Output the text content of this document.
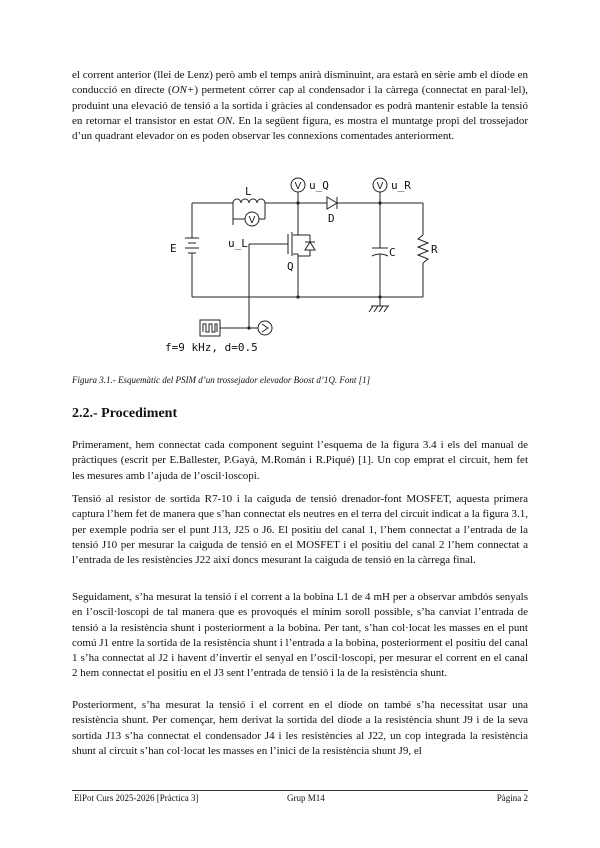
el corrent anterior (llei de Lenz) però amb el temps anirà disminuint, ara estarà en sèrie amb el díode en conducció en directe (ON+) permetent córrer cap al condensador i la càrrega (connectat en paral·lel), produint una elevació de tensió a la sortida i gràcies al condensador es podrà mantenir estable la tensió en retornar el transistor en estat ON. En la següent figura, es mostra el muntatge propi del trossejador d’un quadrant elevador on es poden observar les connexions comentades anteriorment.

V
V	V
L
u_L
u_Q	u_R
D
E
Q
C	R
f=9 kHz, d=0.5

Figura 3.1.- Esquemàtic del PSIM d’un trossejador elevador Boost d’1Q. Font [1]

2.2.- Procediment

Primerament, hem connectat cada component seguint l’esquema de la figura 3.4 i els del manual de pràctiques (escrit per E.Ballester, P.Gayà, M.Román i R.Piqué) [1]. Un cop emprat el circuit, hem fet les mesures amb l’ajuda de l’oscil·loscopi.

Tensió al resistor de sortida R7-10 i la caiguda de tensió drenador-font MOSFET, aquesta primera captura l’hem fet de manera que s’han connectat els neutres en el terra del circuit indicat a la figura 3.1, per exemple podria ser el punt J13, J25 o J6. El positiu del canal 1, l’hem connectat a l’entrada de la tensió J10 per mesurar la caiguda de tensió en el MOSFET i el positiu del canal 2 l’hem connectat a l’entrada de les resistències J22 així doncs mesurant la caiguda de tensió en la càrrega final.

Seguidament, s’ha mesurat la tensió i el corrent a la bobina L1 de 4 mH per a observar ambdós senyals en l’oscil·loscopi de tal manera que es provoqués el mínim soroll possible, s’ha canviat l’entrada de tensió a la resistència shunt i posteriorment a la bobina. Per tant, s’han col·locat les masses en el punt comú J1 entre la sortida de la resistència shunt i l’entrada a la bobina, posteriorment el positiu del canal 1 s’ha connectat al J2 i havent d’invertir el senyal en l’oscil·loscopi, per mesurar el corrent en el canal 2 hem connectat el positiu en el J3 sent l’entrada de tensió i la de la resistència shunt.

Posteriorment, s’ha mesurat la tensió i el corrent en el díode on també s’ha necessitat usar una resistència shunt. Per començar, hem derivat la sortida del díode a la resistència shunt J9 i de la seva sortida J13 s’ha connectat el condensador J4 i les resistències al J22, un cop integrada la resistència shunt al circuit s’han col·locat les masses en l’inici de la resistència shunt J9, el

ElPot Curs 2025-2026 [Pràctica 3]	Grup M14	Pàgina 2
